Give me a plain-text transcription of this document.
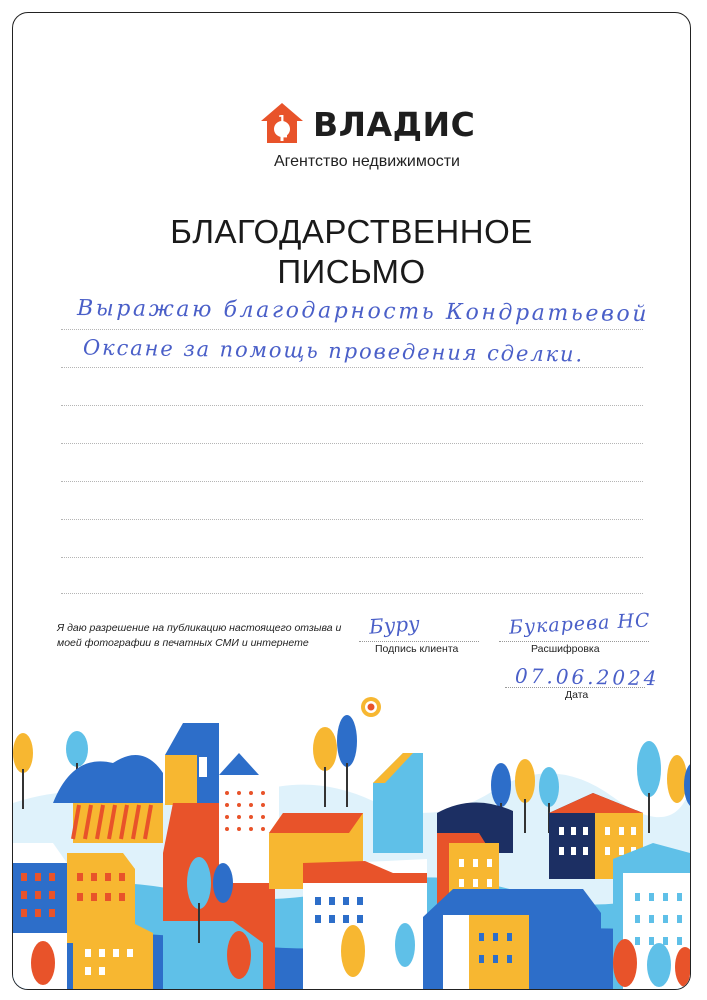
1 ВЛАДИС
Агентство недвижимости
БЛАГОДАРСТВЕННОЕ
ПИСЬМО
Выражаю благодарность Кондратьевой
Оксане за помощь проведения сделки.
Я даю разрешение на публикацию настоящего отзыва и моей фотографии в печатных СМИ и интернете	Подпись клиента
Буру
Расшифровка
Букарева НС
Дата
07.06.2024
